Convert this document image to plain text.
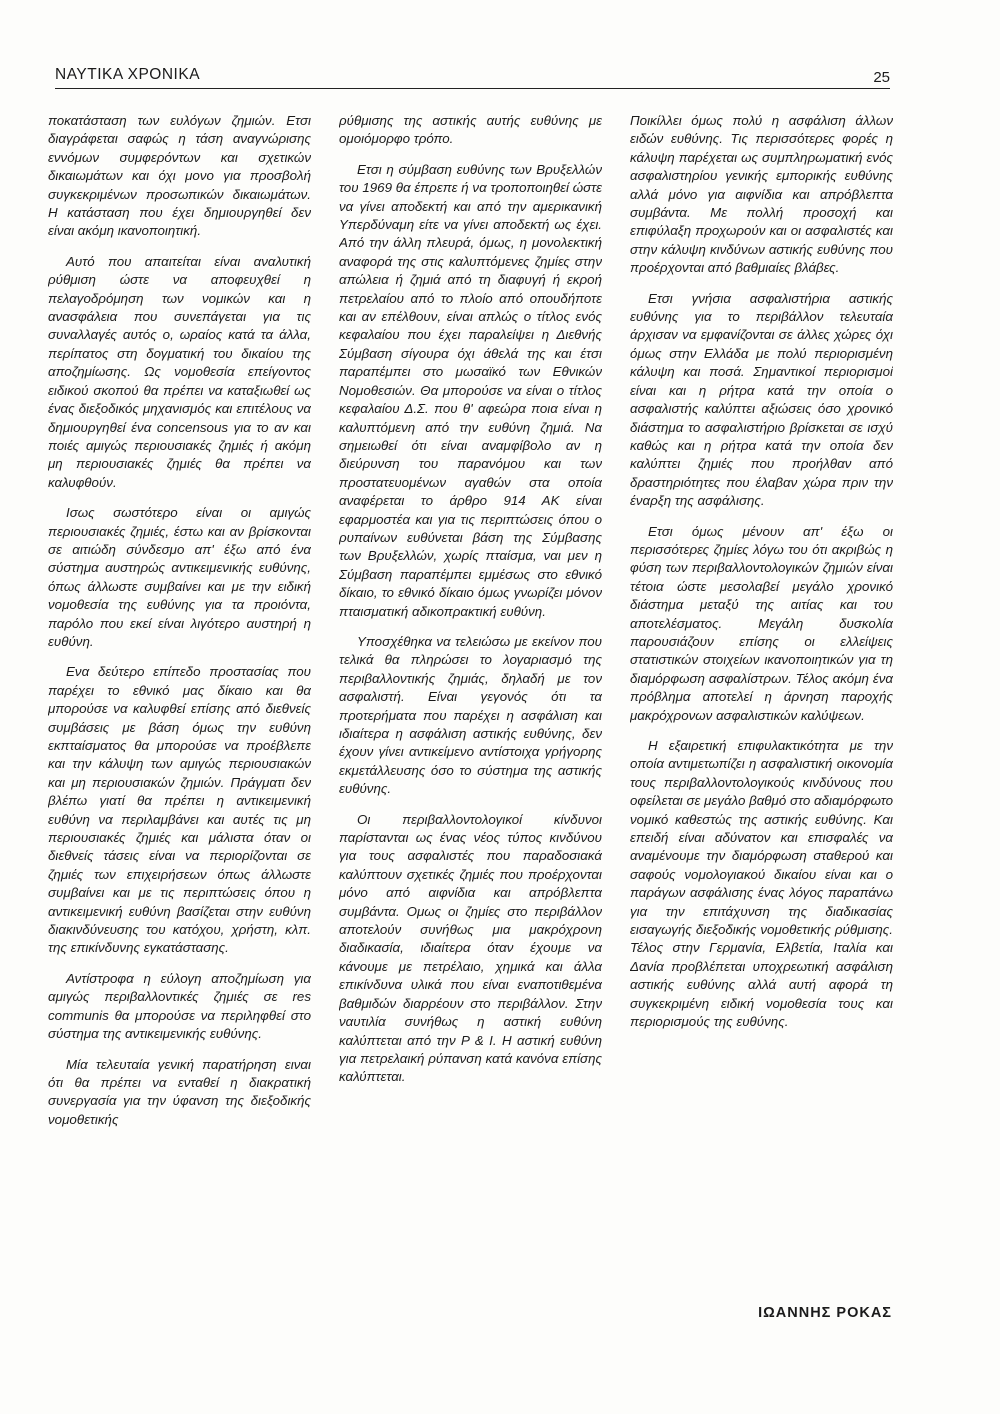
ΝΑΥΤΙΚΑ ΧΡΟΝΙΚΑ	25

ποκατάσταση των ευλόγων ζημιών. Ετσι διαγράφεται σαφώς η τάση αναγνώρισης εννόμων συμφερόντων και σχετικών δικαιωμάτων και όχι μονο για προσβολή συγκεκριμένων προσωπικών δικαιωμάτων. Η κατάσταση που έχει δημιουργηθεί δεν είναι ακόμη ικανοποιητική.

Αυτό που απαιτείται είναι αναλυτική ρύθμιση ώστε να αποφευχθεί η πελαγοδρόμηση των νομικών και η ανασφάλεια που συνεπάγεται για τις συναλλαγές αυτός ο, ωραίος κατά τα άλλα, περίπατος στη δογματική του δικαίου της αποζημίωσης. Ως νομοθεσία επείγοντος ειδικού σκοπού θα πρέπει να καταξιωθεί ως ένας διεξοδικός μηχανισμός και επιτέλους να δημιουργηθεί ένα concensous για το αν και ποιές αμιγώς περιουσιακές ζημιές ή ακόμη μη περιουσιακές ζημιές θα πρέπει να καλυφθούν.

Ισως σωστότερο είναι οι αμιγώς περιουσιακές ζημιές, έστω και αν βρίσκονται σε αιτιώδη σύνδεσμο απ' έξω από ένα σύστημα αυστηρώς αντικειμενικής ευθύνης, όπως άλλωστε συμβαίνει και με την ειδική νομοθεσία της ευθύνης για τα προιόντα, παρόλο που εκεί είναι λιγότερο αυστηρή η ευθύνη.

Ενα δεύτερο επίπεδο προστασίας που παρέχει το εθνικό μας δίκαιο και θα μπορούσε να καλυφθεί επίσης από διεθνείς συμβάσεις με βάση όμως την ευθύνη εκπταίσματος θα μπορούσε να προέβλεπε και την κάλυψη των αμιγώς περιουσιακών και μη περιουσιακών ζημιών. Πράγματι δεν βλέπω γιατί θα πρέπει η αντικειμενική ευθύνη να περιλαμβάνει και αυτές τις μη περιουσιακές ζημιές και μάλιστα όταν οι διεθνείς τάσεις είναι να περιορίζονται σε ζημιές των επιχειρήσεων όπως άλλωστε συμβαίνει και με τις περιπτώσεις όπου η αντικειμενική ευθύνη βασίζεται στην ευθύνη διακινδύνευσης του κατόχου, χρήστη, κλπ. της επικίνδυνης εγκατάστασης.

Αντίστροφα η εύλογη αποζημίωση για αμιγώς περιβαλλοντικές ζημιές σε res communis θα μπορούσε να περιληφθεί στο σύστημα της αντικειμενικής ευθύνης.

Μία τελευταία γενική παρατήρηση ειναι ότι θα πρέπει να ενταθεί η διακρατική συνεργασία για την ύφανση της διεξοδικής νομοθετικής

ρύθμισης της αστικής αυτής ευθύνης με ομοιόμορφο τρόπο.

Ετσι η σύμβαση ευθύνης των Βρυξελλών του 1969 θα έπρεπε ή να τροποποιηθεί ώστε να γίνει αποδεκτή και από την αμερικανική Υπερδύναμη είτε να γίνει αποδεκτή ως έχει. Από την άλλη πλευρά, όμως, η μονολεκτική αναφορά της στις καλυπτόμενες ζημίες στην απώλεια ή ζημιά από τη διαφυγή ή εκροή πετρελαίου από το πλοίο από οπουδήποτε και αν επέλθουν, είναι απλώς ο τίτλος ενός κεφαλαίου που έχει παραλείψει η Διεθνής Σύμβαση σίγουρα όχι άθελά της και έτσι παραπέμπει στο μωσαϊκό των Εθνικών Νομοθεσιών. Θα μπορούσε να είναι ο τίτλος κεφαλαίου Δ.Σ. που θ' αφεώρα ποια είναι η καλυπτόμενη από την ευθύνη ζημιά. Να σημειωθεί ότι είναι αναμφίβολο αν η διεύρυνση του παρανόμου και των προστατευομένων αγαθών στα οποία αναφέρεται το άρθρο 914 ΑΚ είναι εφαρμοστέα και για τις περιπτώσεις όπου ο ρυπαίνων ευθύνεται βάση της Σύμβασης των Βρυξελλών, χωρίς πταίσμα, ναι μεν η Σύμβαση παραπέμπει εμμέσως στο εθνικό δίκαιο, το εθνικό δίκαιο όμως γνωρίζει μόνον πταισματική αδικοπρακτική ευθύνη.

Υποσχέθηκα να τελειώσω με εκείνον που τελικά θα πληρώσει το λογαριασμό της περιβαλλοντικής ζημιάς, δηλαδή με τον ασφαλιστή. Είναι γεγονός ότι τα προτερήματα που παρέχει η ασφάλιση και ιδιαίτερα η ασφάλιση αστικής ευθύνης, δεν έχουν γίνει αντικείμενο αντίστοιχα γρήγορης εκμετάλλευσης όσο το σύστημα της αστικής ευθύνης.

Οι περιβαλλοντολογικοί κίνδυνοι παρίστανται ως ένας νέος τύπος κινδύνου για τους ασφαλιστές που παραδοσιακά καλύπτουν σχετικές ζημιές που προέρχονται μόνο από αιφνίδια και απρόβλεπτα συμβάντα. Ομως οι ζημίες στο περιβάλλον αποτελούν συνήθως μια μακρόχρονη διαδικασία, ιδιαίτερα όταν έχουμε να κάνουμε με πετρέλαιο, χημικά και άλλα επικίνδυνα υλικά που είναι εναποτιθεμένα βαθμιδών διαρρέουν στο περιβάλλον. Στην ναυτιλία συνήθως η αστική ευθύνη καλύπτεται από την P & I. Η αστική ευθύνη για πετρελαική ρύπανση κατά κανόνα επίσης καλύπτεται.

Ποικίλλει όμως πολύ η ασφάλιση άλλων ειδών ευθύνης. Τις περισσότερες φορές η κάλυψη παρέχεται ως συμπληρωματική ενός ασφαλιστηρίου γενικής εμπορικής ευθύνης αλλά μόνο για αιφνίδια και απρόβλεπτα συμβάντα. Με πολλή προσοχή και επιφύλαξη προχωρούν και οι ασφαλιστές και στην κάλυψη κινδύνων αστικής ευθύνης που προέρχονται από βαθμιαίες βλάβες.

Ετσι γνήσια ασφαλιστήρια αστικής ευθύνης για το περιβάλλον τελευταία άρχισαν να εμφανίζονται σε άλλες χώρες όχι όμως στην Ελλάδα με πολύ περιορισμένη κάλυψη και ποσά. Σημαντικοί περιορισμοί είναι και η ρήτρα κατά την οποία ο ασφαλιστής καλύπτει αξιώσεις όσο χρονικό διάστημα το ασφαλιστήριο βρίσκεται σε ισχύ καθώς και η ρήτρα κατά την οποία δεν καλύπτει ζημιές που προήλθαν από δραστηριότητες που έλαβαν χώρα πριν την έναρξη της ασφάλισης.

Ετσι όμως μένουν απ' έξω οι περισσότερες ζημίες λόγω του ότι ακριβώς η φύση των περιβαλλοντολογικών ζημιών είναι τέτοια ώστε μεσολαβεί μεγάλο χρονικό διάστημα μεταξύ της αιτίας και του αποτελέσματος. Μεγάλη δυσκολία παρουσιάζουν επίσης οι ελλείψεις στατιστικών στοιχείων ικανοποιητικών για τη διαμόρφωση ασφαλίστρων. Τέλος ακόμη ένα πρόβλημα αποτελεί η άρνηση παροχής μακρόχρονων ασφαλιστικών καλύψεων.

Η εξαιρετική επιφυλακτικότητα με την οποία αντιμετωπίζει η ασφαλιστική οικονομία τους περιβαλλοντολογικούς κινδύνους που οφείλεται σε μεγάλο βαθμό στο αδιαμόρφωτο νομικό καθεστώς της αστικής ευθύνης. Και επειδή είναι αδύνατον και επισφαλές να αναμένουμε την διαμόρφωση σταθερού και σαφούς νομολογιακού δικαίου είναι και ο παράγων ασφάλισης ένας λόγος παραπάνω για την επιτάχυνση της διαδικασίας εισαγωγής διεξοδικής νομοθετικής ρύθμισης. Τέλος στην Γερμανία, Ελβετία, Ιταλία και Δανία προβλέπεται υποχρεωτική ασφάλιση αστικής ευθύνης αλλά αυτή αφορά τη συγκεκριμένη ειδική νομοθεσία τους και περιορισμούς της ευθύνης.

ΙΩΑΝΝΗΣ ΡΟΚΑΣ
